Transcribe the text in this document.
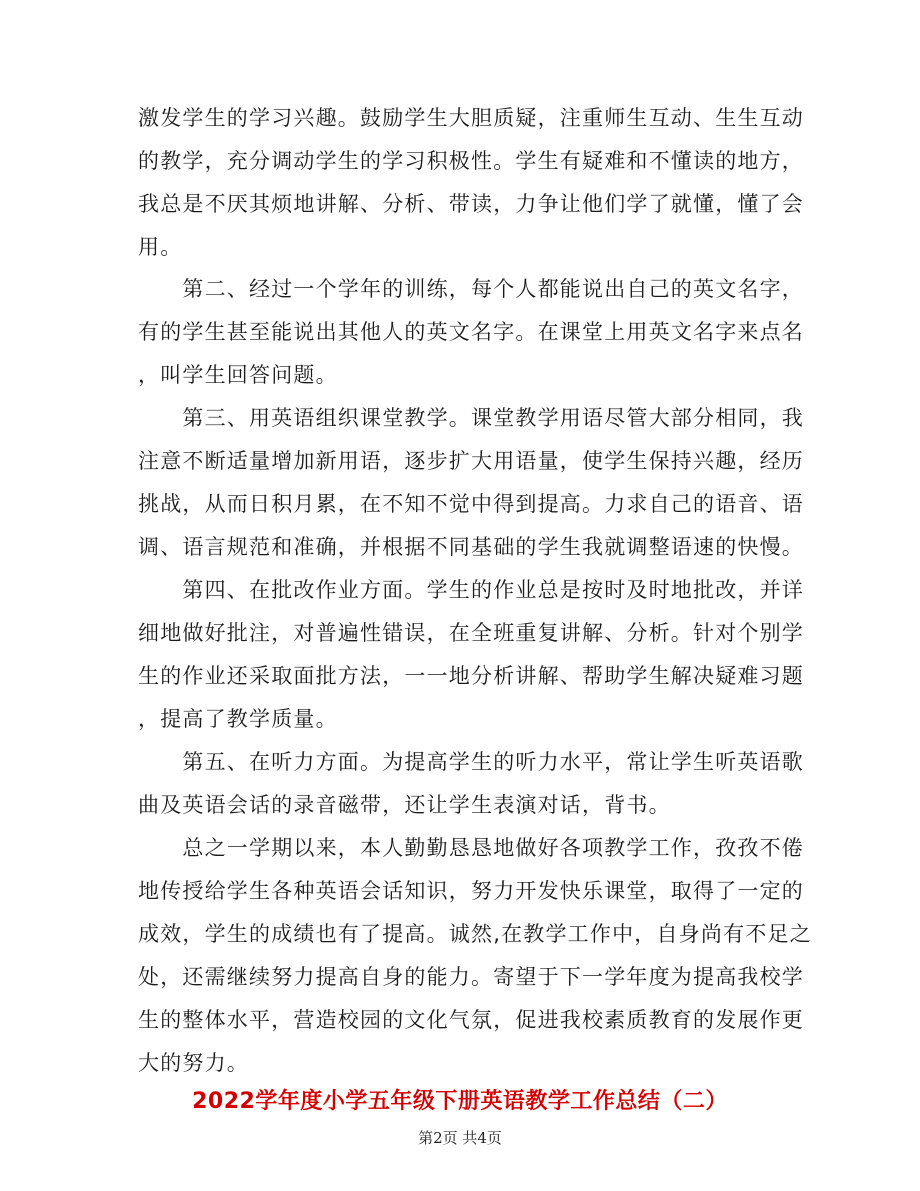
激发学生的学习兴趣。鼓励学生大胆质疑，注重师生互动、生生互动
的教学，充分调动学生的学习积极性。学生有疑难和不懂读的地方，
我总是不厌其烦地讲解、分析、带读，力争让他们学了就懂，懂了会
用。
　　第二、经过一个学年的训练，每个人都能说出自己的英文名字，
有的学生甚至能说出其他人的英文名字。在课堂上用英文名字来点名
，叫学生回答问题。
　　第三、用英语组织课堂教学。课堂教学用语尽管大部分相同，我
注意不断适量增加新用语，逐步扩大用语量，使学生保持兴趣，经历
挑战，从而日积月累，在不知不觉中得到提高。力求自己的语音、语
调、语言规范和准确，并根据不同基础的学生我就调整语速的快慢。
　　第四、在批改作业方面。学生的作业总是按时及时地批改，并详
细地做好批注，对普遍性错误，在全班重复讲解、分析。针对个别学
生的作业还采取面批方法，一一地分析讲解、帮助学生解决疑难习题
，提高了教学质量。
　　第五、在听力方面。为提高学生的听力水平，常让学生听英语歌
曲及英语会话的录音磁带，还让学生表演对话，背书。
　　总之一学期以来，本人勤勤恳恳地做好各项教学工作，孜孜不倦
地传授给学生各种英语会话知识，努力开发快乐课堂，取得了一定的
成效，学生的成绩也有了提高。诚然,在教学工作中，自身尚有不足之
处，还需继续努力提高自身的能力。寄望于下一学年度为提高我校学
生的整体水平，营造校园的文化气氛，促进我校素质教育的发展作更
大的努力。
2022学年度小学五年级下册英语教学工作总结（二）
第2页 共4页
